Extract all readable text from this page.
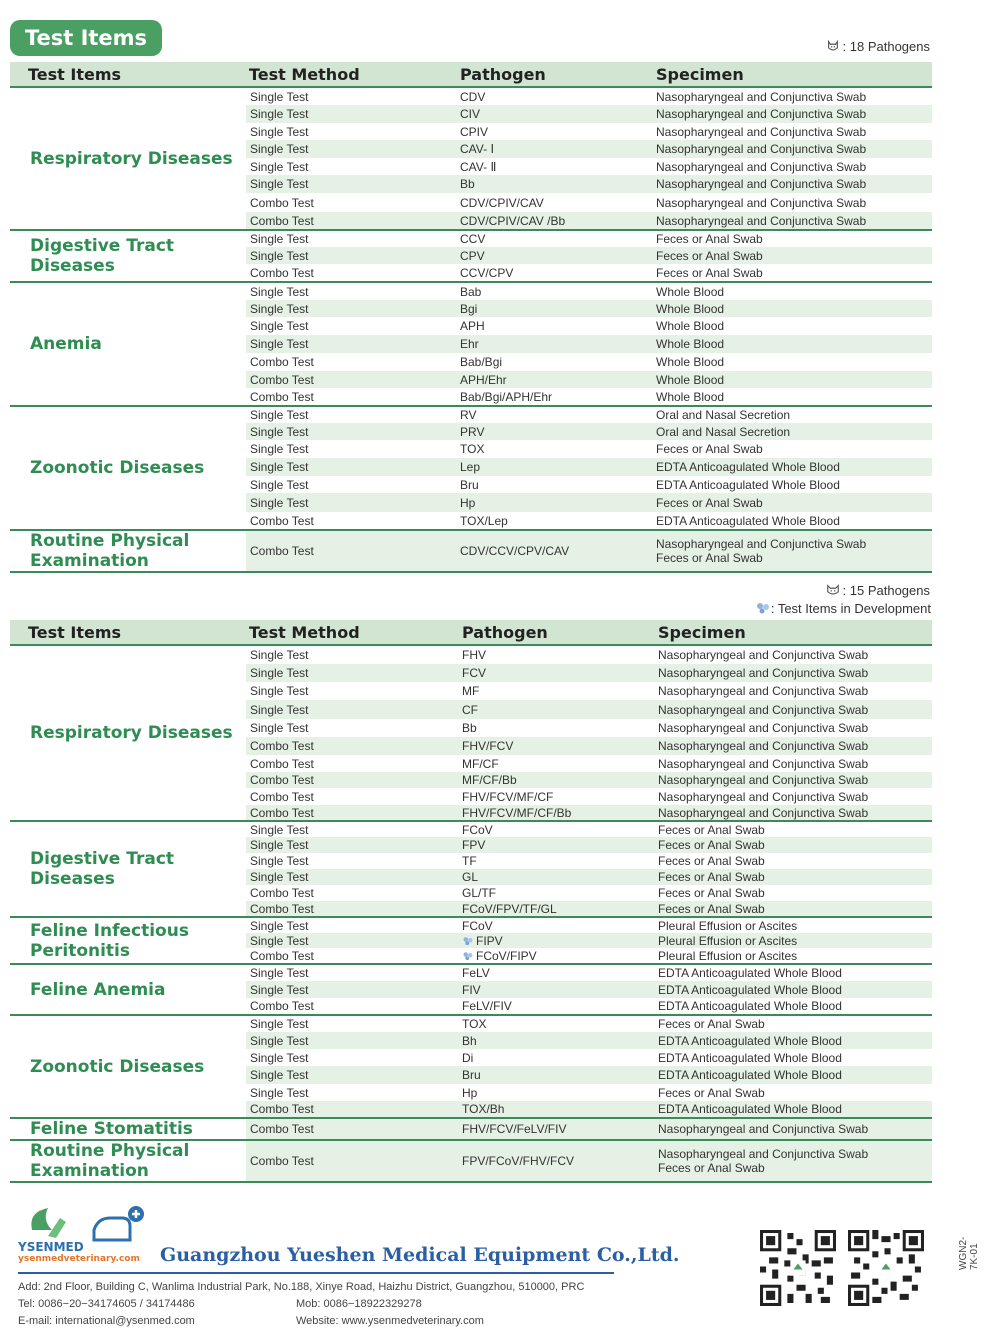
Test Items	: 18 Pathogens
Test Items	Test Method	Pathogen	Specimen
Respiratory Diseases	Single Test	CDV	Nasopharyngeal and Conjunctiva Swab

	Single Test	CIV	Nasopharyngeal and Conjunctiva Swab

	Single Test	CPIV	Nasopharyngeal and Conjunctiva Swab

	Single Test	CAV- Ⅰ	Nasopharyngeal and Conjunctiva Swab

	Single Test	CAV- Ⅱ	Nasopharyngeal and Conjunctiva Swab

	Single Test	Bb	Nasopharyngeal and Conjunctiva Swab

	Combo Test	CDV/CPIV/CAV	Nasopharyngeal and Conjunctiva Swab

	Combo Test	CDV/CPIV/CAV /Bb	Nasopharyngeal and Conjunctiva Swab

Digestive Tract Diseases	Single Test	CCV	Feces or Anal Swab

	Single Test	CPV	Feces or Anal Swab

	Combo Test	CCV/CPV	Feces or Anal Swab

Anemia	Single Test	Bab	Whole Blood

	Single Test	Bgi	Whole Blood

	Single Test	APH	Whole Blood

	Single Test	Ehr	Whole Blood

	Combo Test	Bab/Bgi	Whole Blood

	Combo Test	APH/Ehr	Whole Blood

	Combo Test	Bab/Bgi/APH/Ehr	Whole Blood

Zoonotic Diseases	Single Test	RV	Oral and Nasal Secretion

	Single Test	PRV	Oral and Nasal Secretion

	Single Test	TOX	Feces or Anal Swab

	Single Test	Lep	EDTA Anticoagulated Whole Blood

	Single Test	Bru	EDTA Anticoagulated Whole Blood

	Single Test	Hp	Feces or Anal Swab

	Combo Test	TOX/Lep	EDTA Anticoagulated Whole Blood

Routine Physical Examination	Combo Test	CDV/CCV/CPV/CAV	Nasopharyngeal and Conjunctiva Swab
Feces or Anal Swab
: 15 Pathogens
: Test Items in Development
Test Items	Test Method	Pathogen	Specimen
Respiratory Diseases	Single Test	FHV	Nasopharyngeal and Conjunctiva Swab

	Single Test	FCV	Nasopharyngeal and Conjunctiva Swab

	Single Test	MF	Nasopharyngeal and Conjunctiva Swab

	Single Test	CF	Nasopharyngeal and Conjunctiva Swab

	Single Test	Bb	Nasopharyngeal and Conjunctiva Swab

	Combo Test	FHV/FCV	Nasopharyngeal and Conjunctiva Swab

	Combo Test	MF/CF	Nasopharyngeal and Conjunctiva Swab

	Combo Test	MF/CF/Bb	Nasopharyngeal and Conjunctiva Swab

	Combo Test	FHV/FCV/MF/CF	Nasopharyngeal and Conjunctiva Swab

	Combo Test	FHV/FCV/MF/CF/Bb	Nasopharyngeal and Conjunctiva Swab

Digestive Tract Diseases	Single Test	FCoV	Feces or Anal Swab

	Single Test	FPV	Feces or Anal Swab

	Single Test	TF	Feces or Anal Swab

	Single Test	GL	Feces or Anal Swab

	Combo Test	GL/TF	Feces or Anal Swab

	Combo Test	FCoV/FPV/TF/GL	Feces or Anal Swab

Feline Infectious Peritonitis	Single Test	FCoV	Pleural Effusion or Ascites

	Single Test	FIPV	Pleural Effusion or Ascites

	Combo Test	FCoV/FIPV	Pleural Effusion or Ascites

Feline Anemia	Single Test	FeLV	EDTA Anticoagulated Whole Blood

	Single Test	FIV	EDTA Anticoagulated Whole Blood

	Combo Test	FeLV/FIV	EDTA Anticoagulated Whole Blood

Zoonotic Diseases	Single Test	TOX	Feces or Anal Swab

	Single Test	Bh	EDTA Anticoagulated Whole Blood

	Single Test	Di	EDTA Anticoagulated Whole Blood

	Single Test	Bru	EDTA Anticoagulated Whole Blood

	Single Test	Hp	Feces or Anal Swab

	Combo Test	TOX/Bh	EDTA Anticoagulated Whole Blood

Feline Stomatitis	Combo Test	FHV/FCV/FeLV/FIV	Nasopharyngeal and Conjunctiva Swab

Routine Physical Examination	Combo Test	FPV/FCoV/FHV/FCV	Nasopharyngeal and Conjunctiva Swab
Feces or Anal Swab
YSENMED
ysenmedveterinary.com Guangzhou Yueshen Medical Equipment Co.,Ltd.
Add: 2nd Floor, Building C, Wanlima Industrial Park, No.188, Xinye Road, Haizhu District, Guangzhou, 510000, PRC
Tel: 0086−20−34174605 / 34174486	Mob: 0086−18922329278
E-mail: international@ysenmed.com	Website: www.ysenmedveterinary.com
WGN2-7K-01
